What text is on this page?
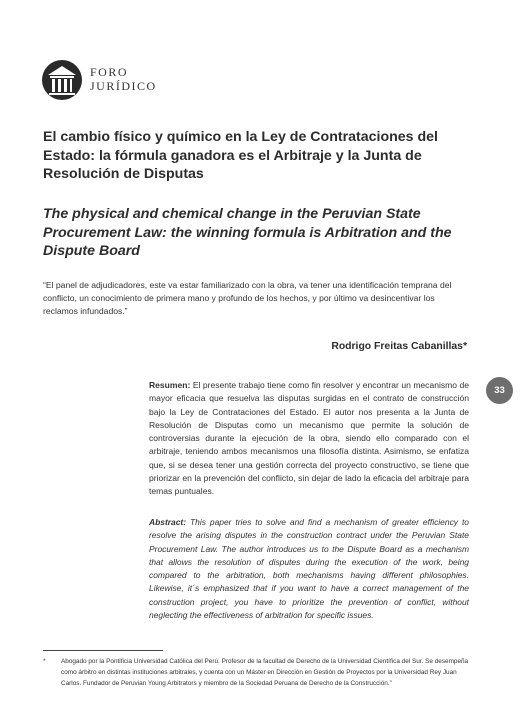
FORO
JURÍDICO
El cambio físico y químico en la Ley de Contrataciones del Estado: la fórmula ganadora es el Arbitraje y la Junta de Resolución de Disputas
The physical and chemical change in the Peruvian State Procurement Law: the winning formula is Arbitration and the Dispute Board
“El panel de adjudicadores, este va estar familiarizado con la obra, va tener una identificación temprana del conflicto, un conocimiento de primera mano y profundo de los hechos, y por último va desincentivar los reclamos infundados.”
Rodrigo Freitas Cabanillas*
33
Resumen: El presente trabajo tiene como fin resolver y encontrar un mecanismo de mayor eficacia que resuelva las disputas surgidas en el contrato de construcción bajo la Ley de Contrataciones del Estado. El autor nos presenta a la Junta de Resolución de Disputas como un mecanismo que permite la solución de controversias durante la ejecución de la obra, siendo ello comparado con el arbitraje, teniendo ambos mecanismos una filosofía distinta. Asimismo, se enfatiza que, si se desea tener una gestión correcta del proyecto constructivo, se tiene que priorizar en la prevención del conflicto, sin dejar de lado la eficacia del arbitraje para temas puntuales.
Abstract: This paper tries to solve and find a mechanism of greater efficiency to resolve the arising disputes in the construction contract under the Peruvian State Procurement Law. The author introduces us to the Dispute Board as a mechanism that allows the resolution of disputes during the execution of the work, being compared to the arbitration, both mechanisms having different philosophies. Likewise, it´s emphasized that if you want to have a correct management of the construction project, you have to prioritize the prevention of conflict, without neglecting the effectiveness of arbitration for specific issues.
* Abogado por la Pontificia Universidad Católica del Perú. Profesor de la facultad de Derecho de la Universidad Científica del Sur. Se desempeña como árbitro en distintas instituciones arbitrales, y cuenta con un Máster en Dirección en Gestión de Proyectos por la Universidad Rey Juan Carlos. Fundador de Peruvian Young Arbitrators y miembro de la Sociedad Peruana de Derecho de la Construcción.”
